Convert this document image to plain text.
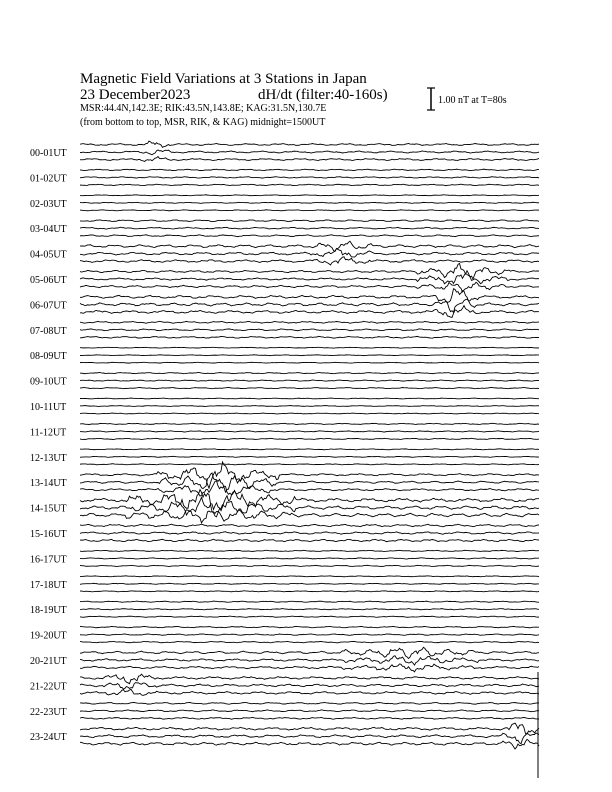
Magnetic Field Variations at 3 Stations in Japan
23 December2023	dH/dt (filter:40-160s)
MSR:44.4N,142.3E; RIK:43.5N,143.8E; KAG:31.5N,130.7E
(from bottom to top, MSR, RIK, & KAG) midnight=1500UT
1.00 nT at T=80s
00-01UT
01-02UT
02-03UT
03-04UT
04-05UT
05-06UT
06-07UT
07-08UT
08-09UT
09-10UT
10-11UT
11-12UT
12-13UT
13-14UT
14-15UT
15-16UT
16-17UT
17-18UT
18-19UT
19-20UT
20-21UT
21-22UT
22-23UT
23-24UT
